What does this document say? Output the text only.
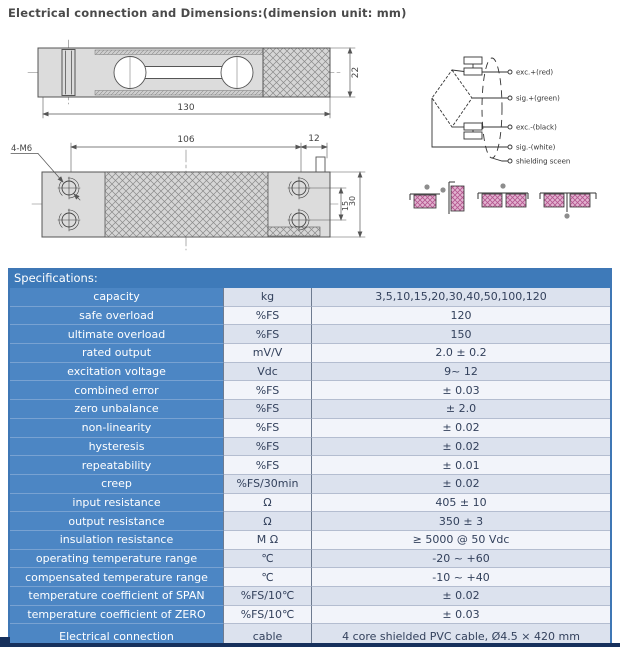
Electrical connection and Dimensions:(dimension unit: mm)
130
22
4-M6
106	12
15
30
exc.+(red)
sig.+(green)
exc.-(black)
sig.-(white)
shielding sceen
Specifications:
capacity	kg	3,5,10,15,20,30,40,50,100,120
safe overload	%FS	120
ultimate overload	%FS	150
rated output	mV/V	2.0 ± 0.2
excitation voltage	Vdc	9~ 12
combined error	%FS	± 0.03
zero unbalance	%FS	± 2.0
non-linearity	%FS	± 0.02
hysteresis	%FS	± 0.02
repeatability	%FS	± 0.01
creep	%FS/30min	± 0.02
input resistance	Ω	405 ± 10
output resistance	Ω	350 ± 3
insulation resistance	M Ω	≥ 5000 @ 50 Vdc
operating temperature range	℃	-20 ~ +60
compensated temperature range	℃	-10 ~ +40
temperature coefficient of SPAN	%FS/10℃	± 0.02
temperature coefficient of ZERO	%FS/10℃	± 0.03
Electrical connection	cable	4 core shielded PVC cable, Ø4.5 × 420 mm
